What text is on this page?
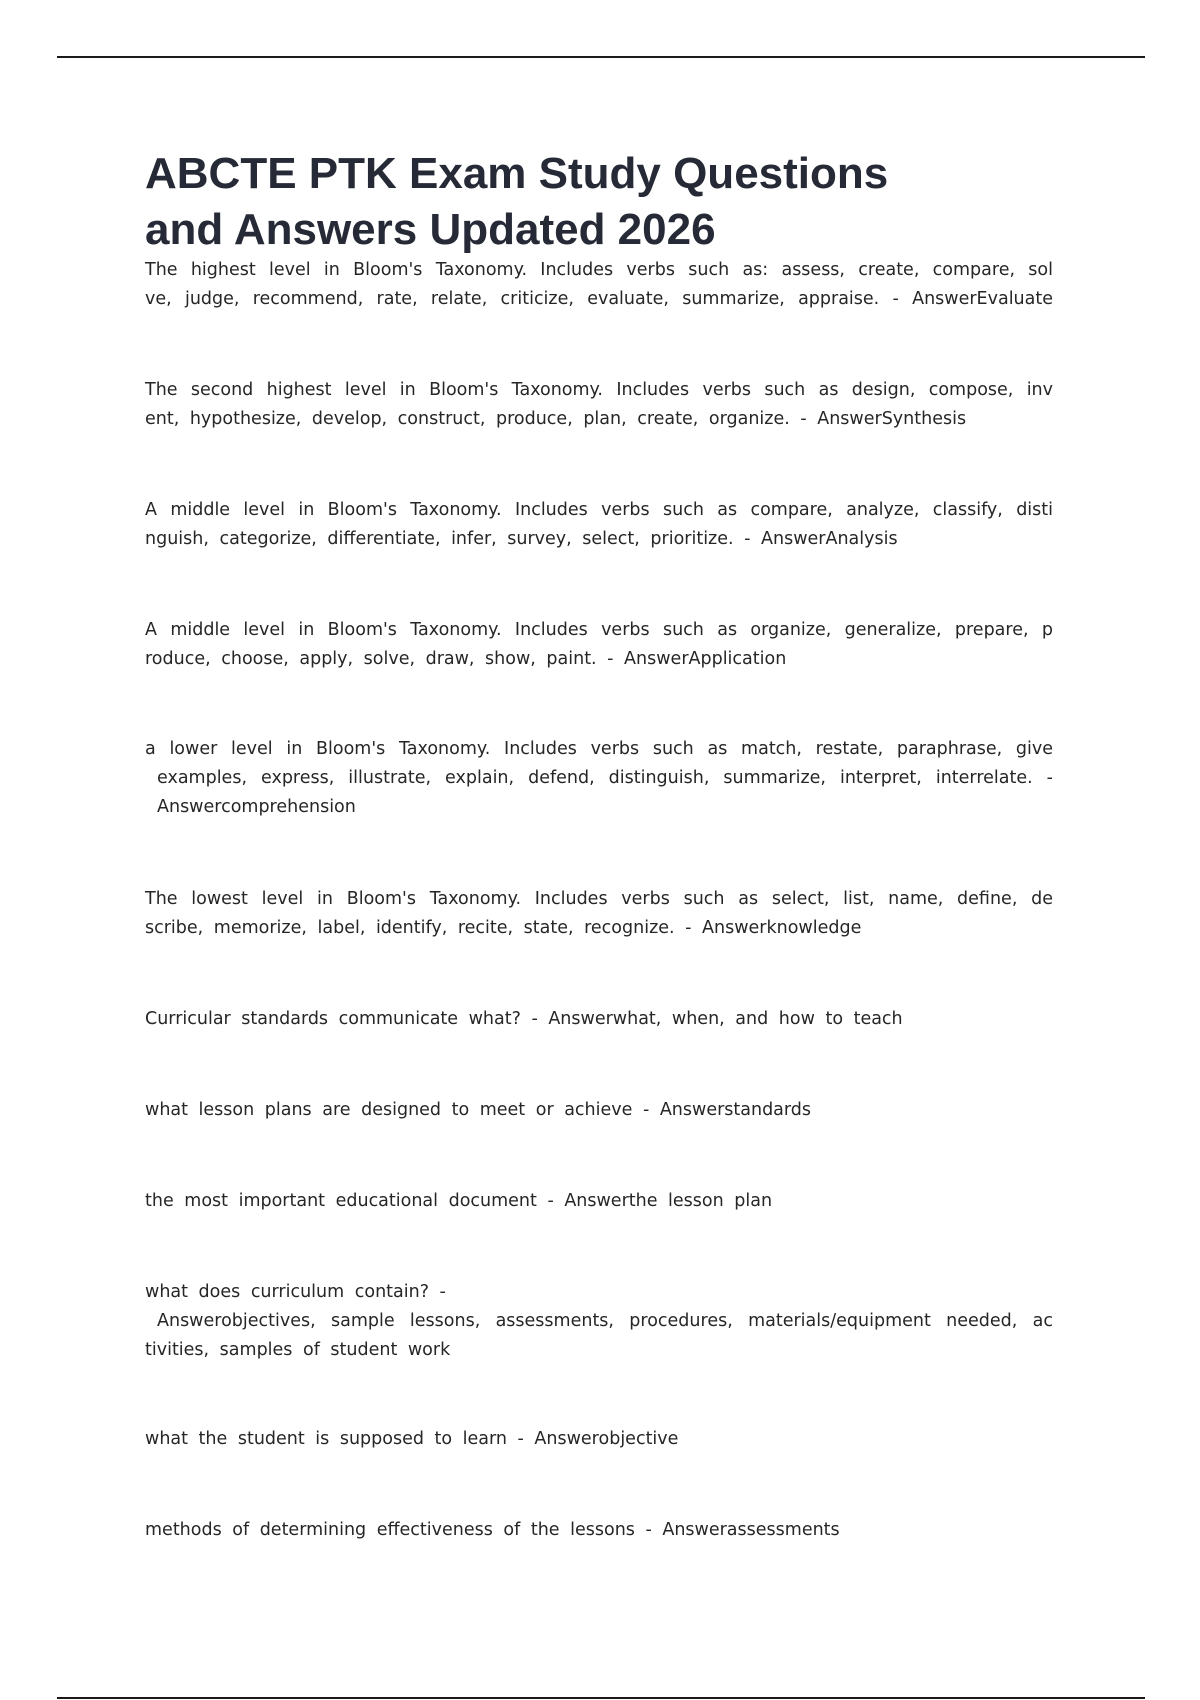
ABCTE PTK Exam Study Questions
and Answers Updated 2026

The highest level in Bloom's Taxonomy. Includes verbs such as: assess, create, compare, sol
ve, judge, recommend, rate, relate, criticize, evaluate, summarize, appraise. - AnswerEvaluate

The second highest level in Bloom's Taxonomy. Includes verbs such as design, compose, inv
ent, hypothesize, develop, construct, produce, plan, create, organize. - AnswerSynthesis

A middle level in Bloom's Taxonomy. Includes verbs such as compare, analyze, classify, disti
nguish, categorize, differentiate, infer, survey, select, prioritize. - AnswerAnalysis

A middle level in Bloom's Taxonomy. Includes verbs such as organize, generalize, prepare, p
roduce, choose, apply, solve, draw, show, paint. - AnswerApplication

a lower level in Bloom's Taxonomy. Includes verbs such as match, restate, paraphrase, give
examples, express, illustrate, explain, defend, distinguish, summarize, interpret, interrelate. -
Answercomprehension

The lowest level in Bloom's Taxonomy. Includes verbs such as select, list, name, define, de
scribe, memorize, label, identify, recite, state, recognize. - Answerknowledge

Curricular standards communicate what? - Answerwhat, when, and how to teach

what lesson plans are designed to meet or achieve - Answerstandards

the most important educational document - Answerthe lesson plan

what does curriculum contain? -
Answerobjectives, sample lessons, assessments, procedures, materials/equipment needed, ac
tivities, samples of student work

what the student is supposed to learn - Answerobjective

methods of determining effectiveness of the lessons - Answerassessments
